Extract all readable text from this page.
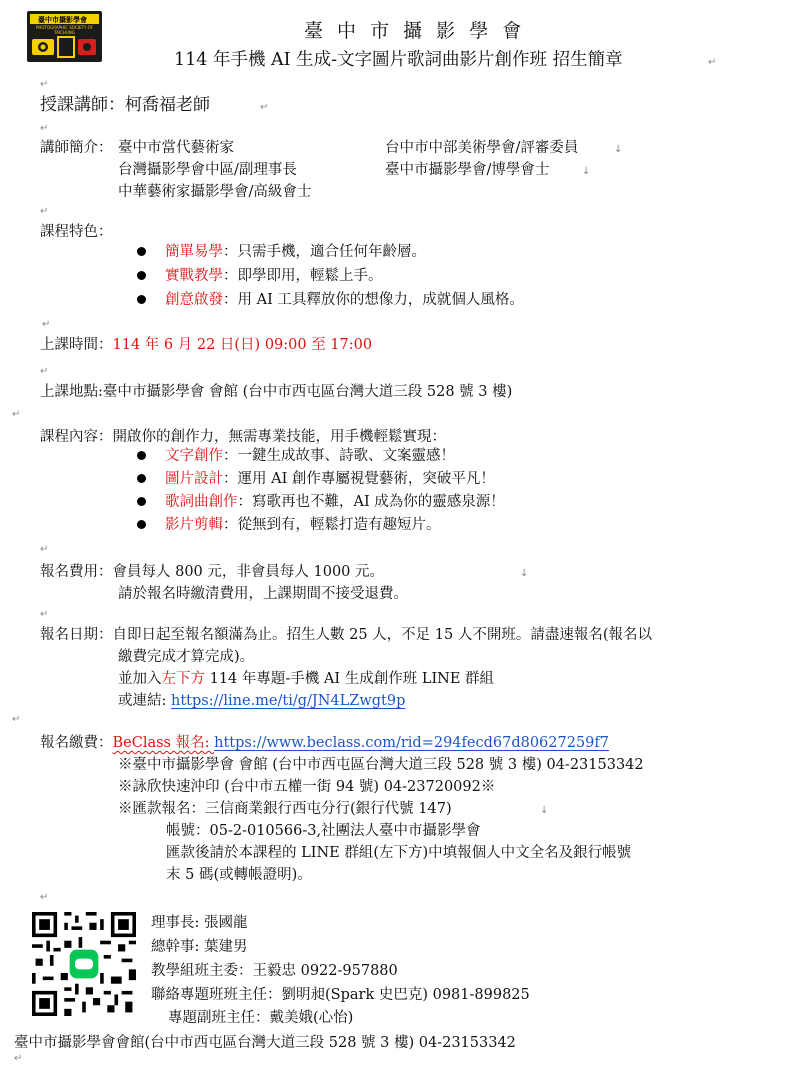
臺中市攝影學會
PHOTOGRAPHIC SOCIETY OF TAICHUNG	臺 中 市 攝 影 學 會
114 年手機 AI 生成-文字圖片歌詞曲影片創作班 招生簡章	↵
授課講師：柯喬福老師
講師簡介： 臺中市當代藝術家	台中市中部美術學會/評審委員
台灣攝影學會中區/副理事長	臺中市攝影學會/博學會士
中華藝術家攝影學會/高級會士
課程特色：
簡單易學：只需手機，適合任何年齡層。
實戰教學：即學即用，輕鬆上手。
創意啟發：用 AI 工具釋放你的想像力，成就個人風格。
上課時間：114 年 6 月 22 日(日) 09:00 至 17:00
上課地點:臺中市攝影學會 會館 (台中市西屯區台灣大道三段 528 號 3 樓)
課程內容：開啟你的創作力，無需專業技能，用手機輕鬆實現：
文字創作：一鍵生成故事、詩歌、文案靈感！
圖片設計：運用 AI 創作專屬視覺藝術，突破平凡！
歌詞曲創作：寫歌再也不難，AI 成為你的靈感泉源！
影片剪輯：從無到有，輕鬆打造有趣短片。
報名費用：會員每人 800 元，非會員每人 1000 元。
請於報名時繳清費用，上課期間不接受退費。
報名日期：自即日起至報名額滿為止。招生人數 25 人，不足 15 人不開班。請盡速報名(報名以
繳費完成才算完成)。
並加入左下方 114 年專題-手機 AI 生成創作班 LINE 群組
或連結: https://line.me/ti/g/JN4LZwgt9p
報名繳費：BeClass 報名: https://www.beclass.com/rid=294fecd67d80627259f7
※臺中市攝影學會 會館 (台中市西屯區台灣大道三段 528 號 3 樓) 04-23153342
※詠欣快速沖印 (台中市五權一街 94 號) 04-23720092※
※匯款報名：三信商業銀行西屯分行(銀行代號 147)
帳號：05-2-010566-3,社團法人臺中市攝影學會
匯款後請於本課程的 LINE 群組(左下方)中填報個人中文全名及銀行帳號
末 5 碼(或轉帳證明)。
理事長: 張國龍
總幹事: 葉建男
教學組班主委：王毅忠 0922-957880
聯絡專題班班主任：劉明昶(Spark 史巴克) 0981-899825
專題副班主任：戴美娥(心怡)
臺中市攝影學會會館(台中市西屯區台灣大道三段 528 號 3 樓) 04-23153342
↵
↵
↵
↓
↓
↵
↵
↵
↵
↵
↓
↵
↵
↓
↵
↵
